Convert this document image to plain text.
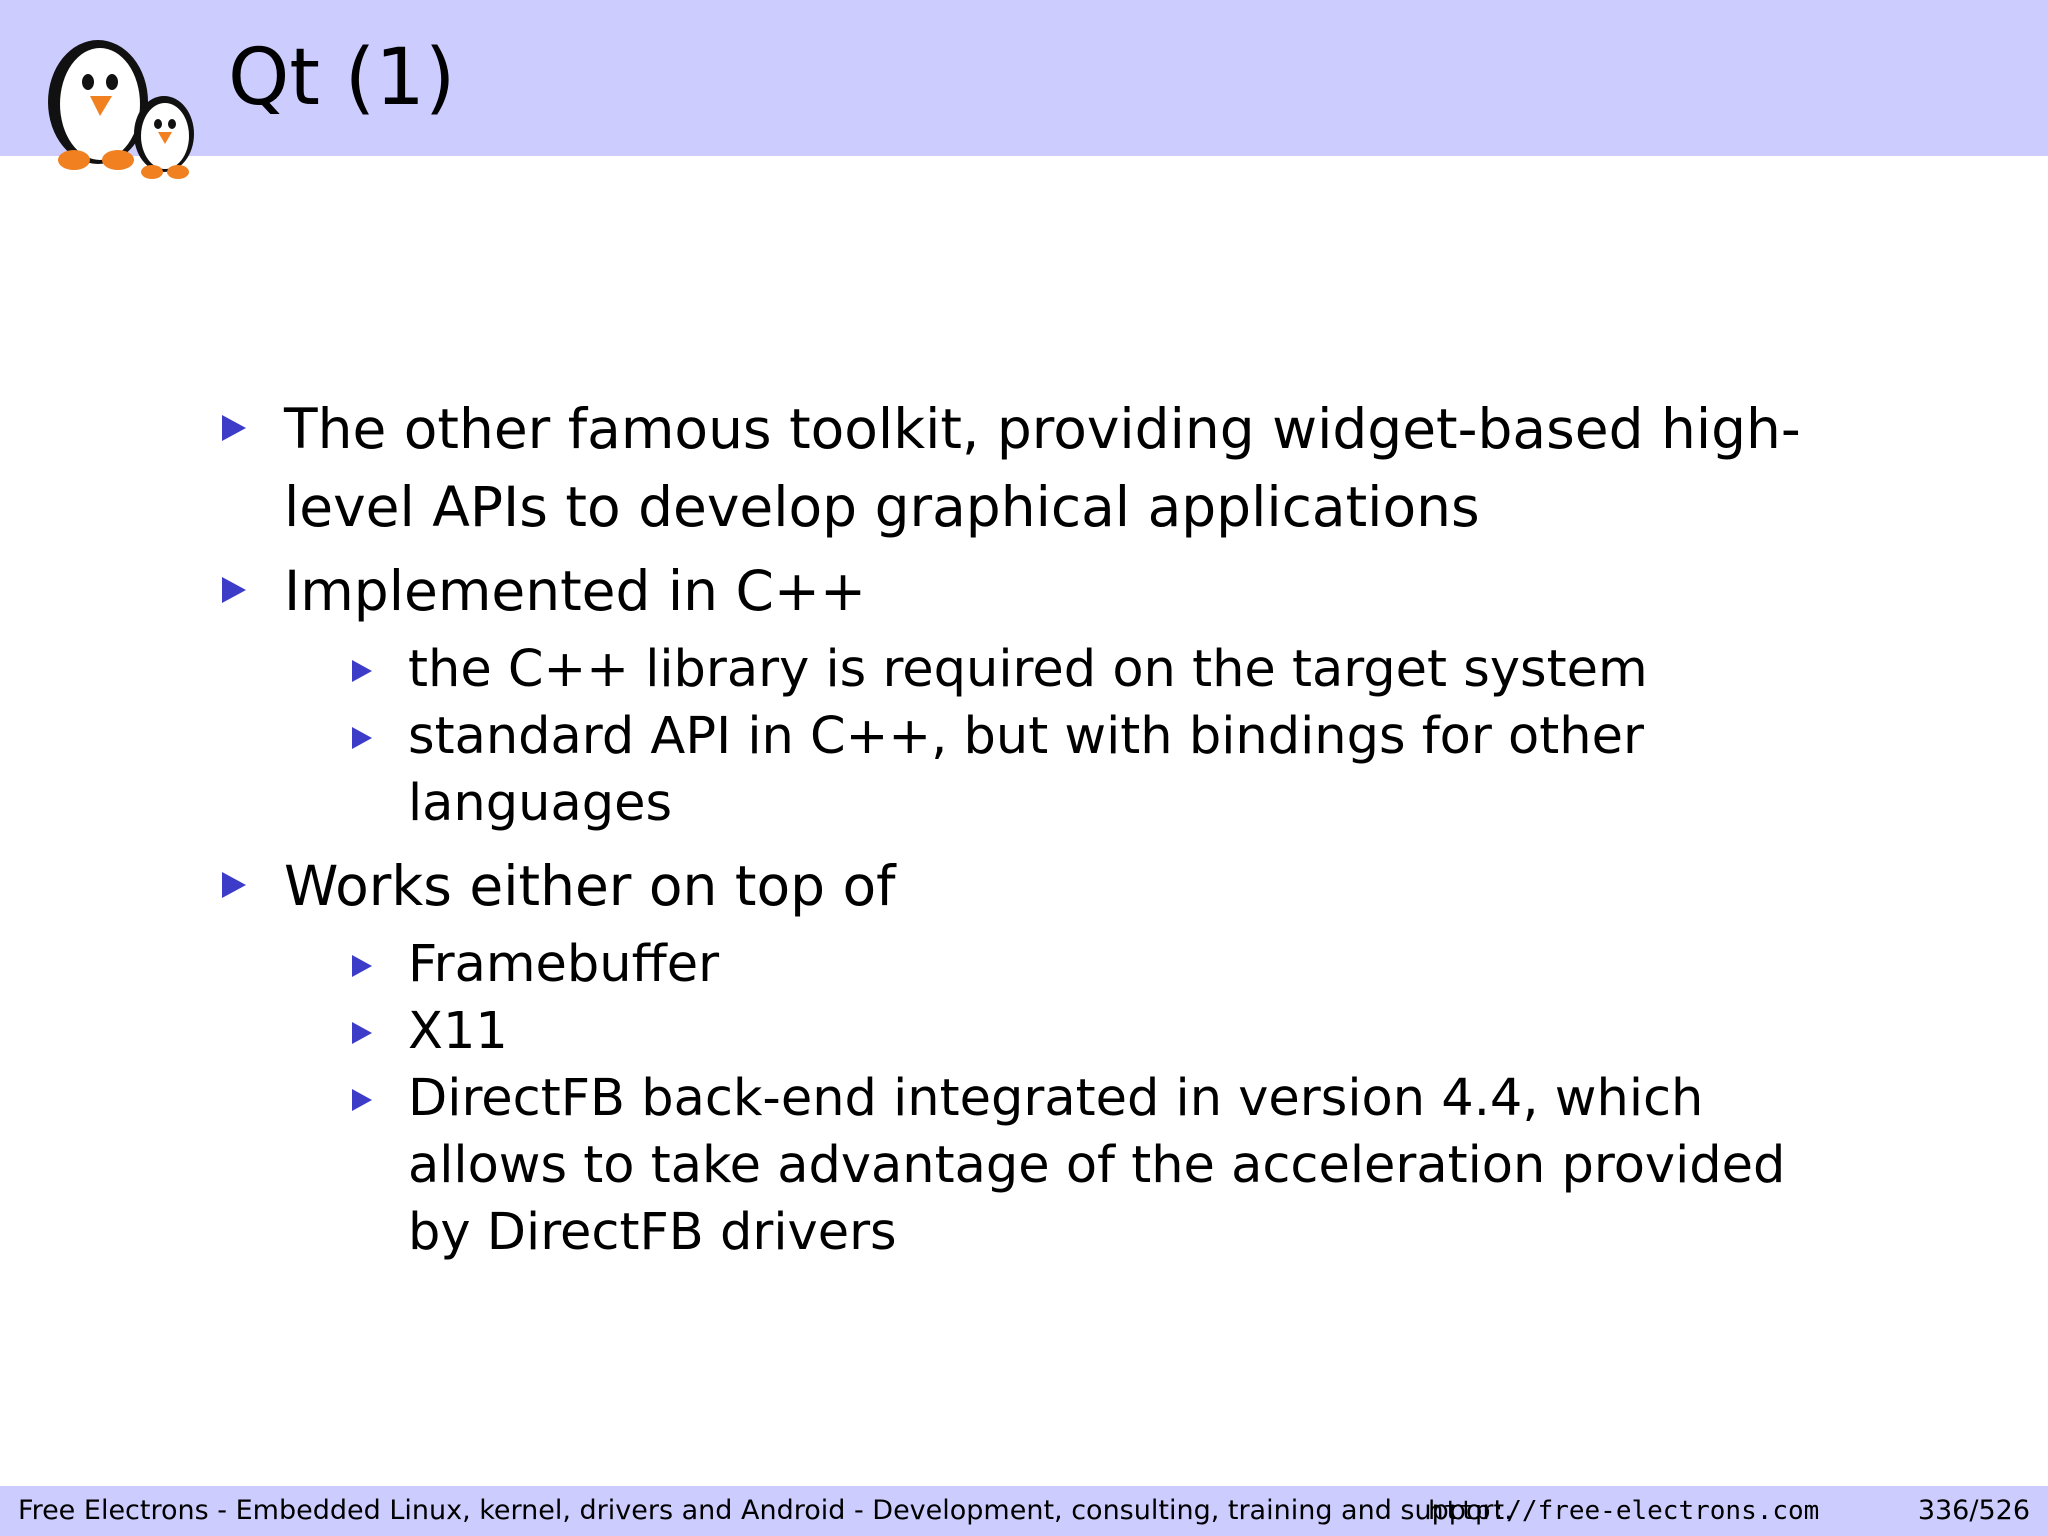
Qt (1)
The other famous toolkit, providing widget-based high-level APIs to develop graphical applications
Implemented in C++
the C++ library is required on the target system
standard API in C++, but with bindings for other languages
Works either on top of
Framebuffer
X11
DirectFB back-end integrated in version 4.4, which allows to take advantage of the acceleration provided by DirectFB drivers
Free Electrons - Embedded Linux, kernel, drivers and Android - Development, consulting, training and support.
http://free-electrons.com	336/526
